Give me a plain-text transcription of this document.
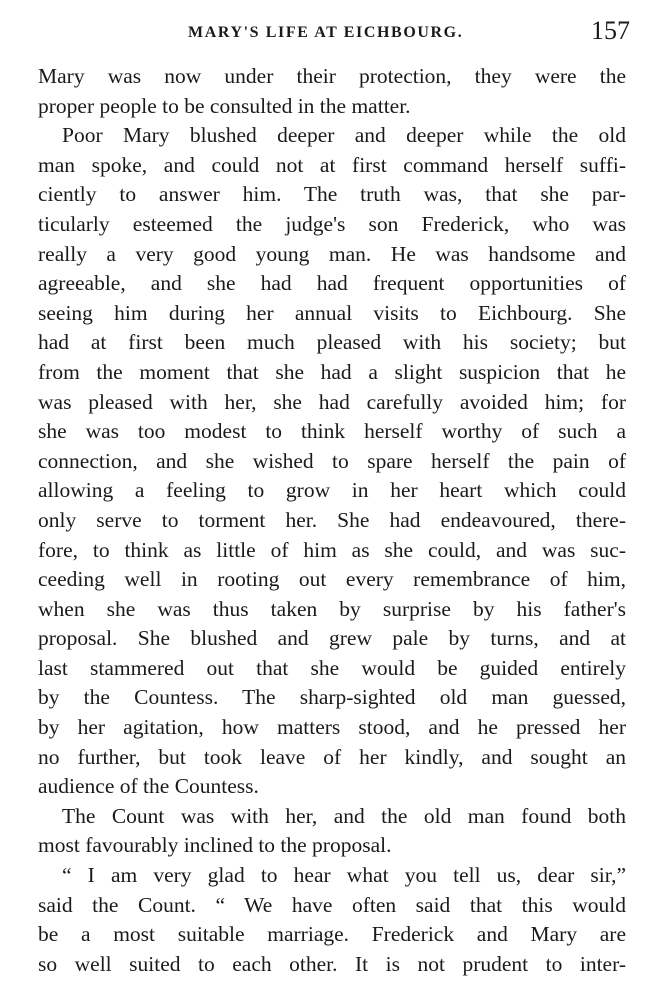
MARY'S LIFE AT EICHBOURG.	157
Mary was now under their protection, they were the
proper people to be consulted in the matter.
Poor Mary blushed deeper and deeper while the old
man spoke, and could not at first command herself suffi-
ciently to answer him. The truth was, that she par-
ticularly esteemed the judge's son Frederick, who was
really a very good young man. He was handsome and
agreeable, and she had had frequent opportunities of
seeing him during her annual visits to Eichbourg. She
had at first been much pleased with his society; but
from the moment that she had a slight suspicion that he
was pleased with her, she had carefully avoided him; for
she was too modest to think herself worthy of such a
connection, and she wished to spare herself the pain of
allowing a feeling to grow in her heart which could
only serve to torment her. She had endeavoured, there-
fore, to think as little of him as she could, and was suc-
ceeding well in rooting out every remembrance of him,
when she was thus taken by surprise by his father's
proposal. She blushed and grew pale by turns, and at
last stammered out that she would be guided entirely
by the Countess. The sharp-sighted old man guessed,
by her agitation, how matters stood, and he pressed her
no further, but took leave of her kindly, and sought an
audience of the Countess.
The Count was with her, and the old man found both
most favourably inclined to the proposal.
“ I am very glad to hear what you tell us, dear sir,”
said the Count. “ We have often said that this would
be a most suitable marriage. Frederick and Mary are
so well suited to each other. It is not prudent to inter-
